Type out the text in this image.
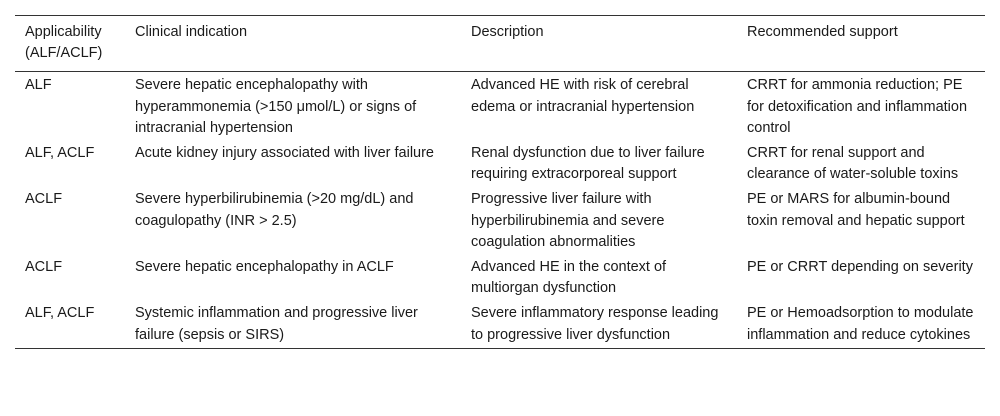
Applicability (ALF/ACLF)	Clinical indication	Description	Recommended support
ALF	Severe hepatic encephalopathy with hyperammonemia (>150 μmol/L) or signs of intracranial hypertension	Advanced HE with risk of cerebral edema or intracranial hypertension	CRRT for ammonia reduction; PE for detoxification and inflammation control
ALF, ACLF	Acute kidney injury associated with liver failure	Renal dysfunction due to liver failure requiring extracorporeal support	CRRT for renal support and clearance of water-soluble toxins
ACLF	Severe hyperbilirubinemia (>20 mg/dL) and coagulopathy (INR > 2.5)	Progressive liver failure with hyperbilirubinemia and severe coagulation abnormalities	PE or MARS for albumin-bound toxin removal and hepatic support
ACLF	Severe hepatic encephalopathy in ACLF	Advanced HE in the context of multiorgan dysfunction	PE or CRRT depending on severity
ALF, ACLF	Systemic inflammation and progressive liver failure (sepsis or SIRS)	Severe inflammatory response leading to progressive liver dysfunction	PE or Hemoadsorption to modulate inflammation and reduce cytokines
